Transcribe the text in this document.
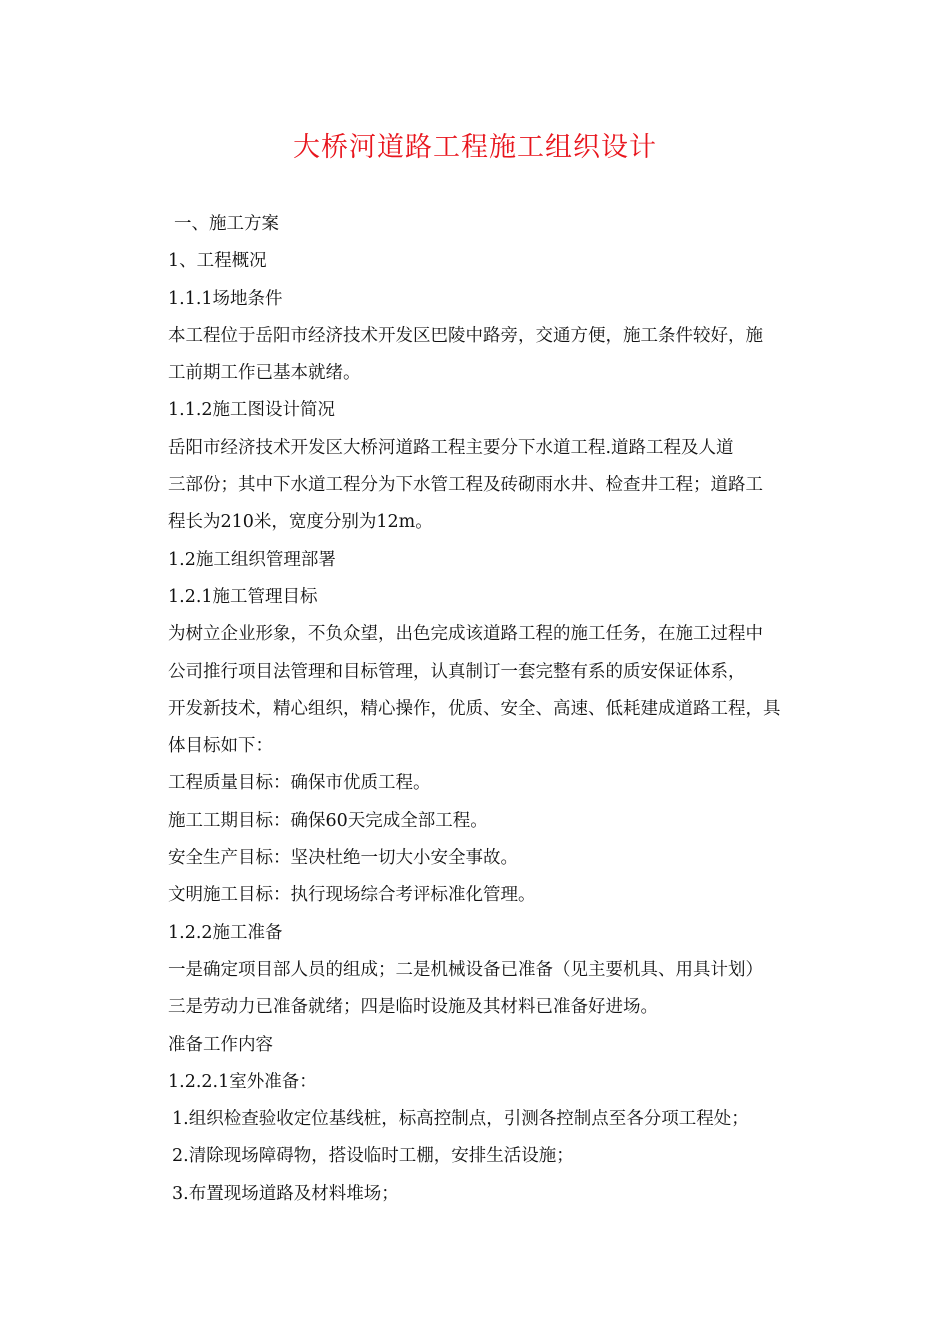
大桥河道路工程施工组织设计
一、施工方案
1、工程概况
1.1.1场地条件
本工程位于岳阳市经济技术开发区巴陵中路旁，交通方便，施工条件较好，施
工前期工作已基本就绪。
1.1.2施工图设计简况
岳阳市经济技术开发区大桥河道路工程主要分下水道工程.道路工程及人道
三部份；其中下水道工程分为下水管工程及砖砌雨水井、检查井工程；道路工
程长为210米，宽度分别为12m。
1.2施工组织管理部署
1.2.1施工管理目标
为树立企业形象，不负众望，出色完成该道路工程的施工任务，在施工过程中
公司推行项目法管理和目标管理，认真制订一套完整有系的质安保证体系，
开发新技术，精心组织，精心操作，优质、安全、高速、低耗建成道路工程，具
体目标如下：
工程质量目标：确保市优质工程。
施工工期目标：确保60天完成全部工程。
安全生产目标：坚决杜绝一切大小安全事故。
文明施工目标：执行现场综合考评标准化管理。
1.2.2施工准备
一是确定项目部人员的组成；二是机械设备已准备（见主要机具、用具计划）
三是劳动力已准备就绪；四是临时设施及其材料已准备好进场。
准备工作内容
1.2.2.1室外准备：
1.组织检查验收定位基线桩，标高控制点，引测各控制点至各分项工程处；
2.清除现场障碍物，搭设临时工棚，安排生活设施；
3.布置现场道路及材料堆场；
